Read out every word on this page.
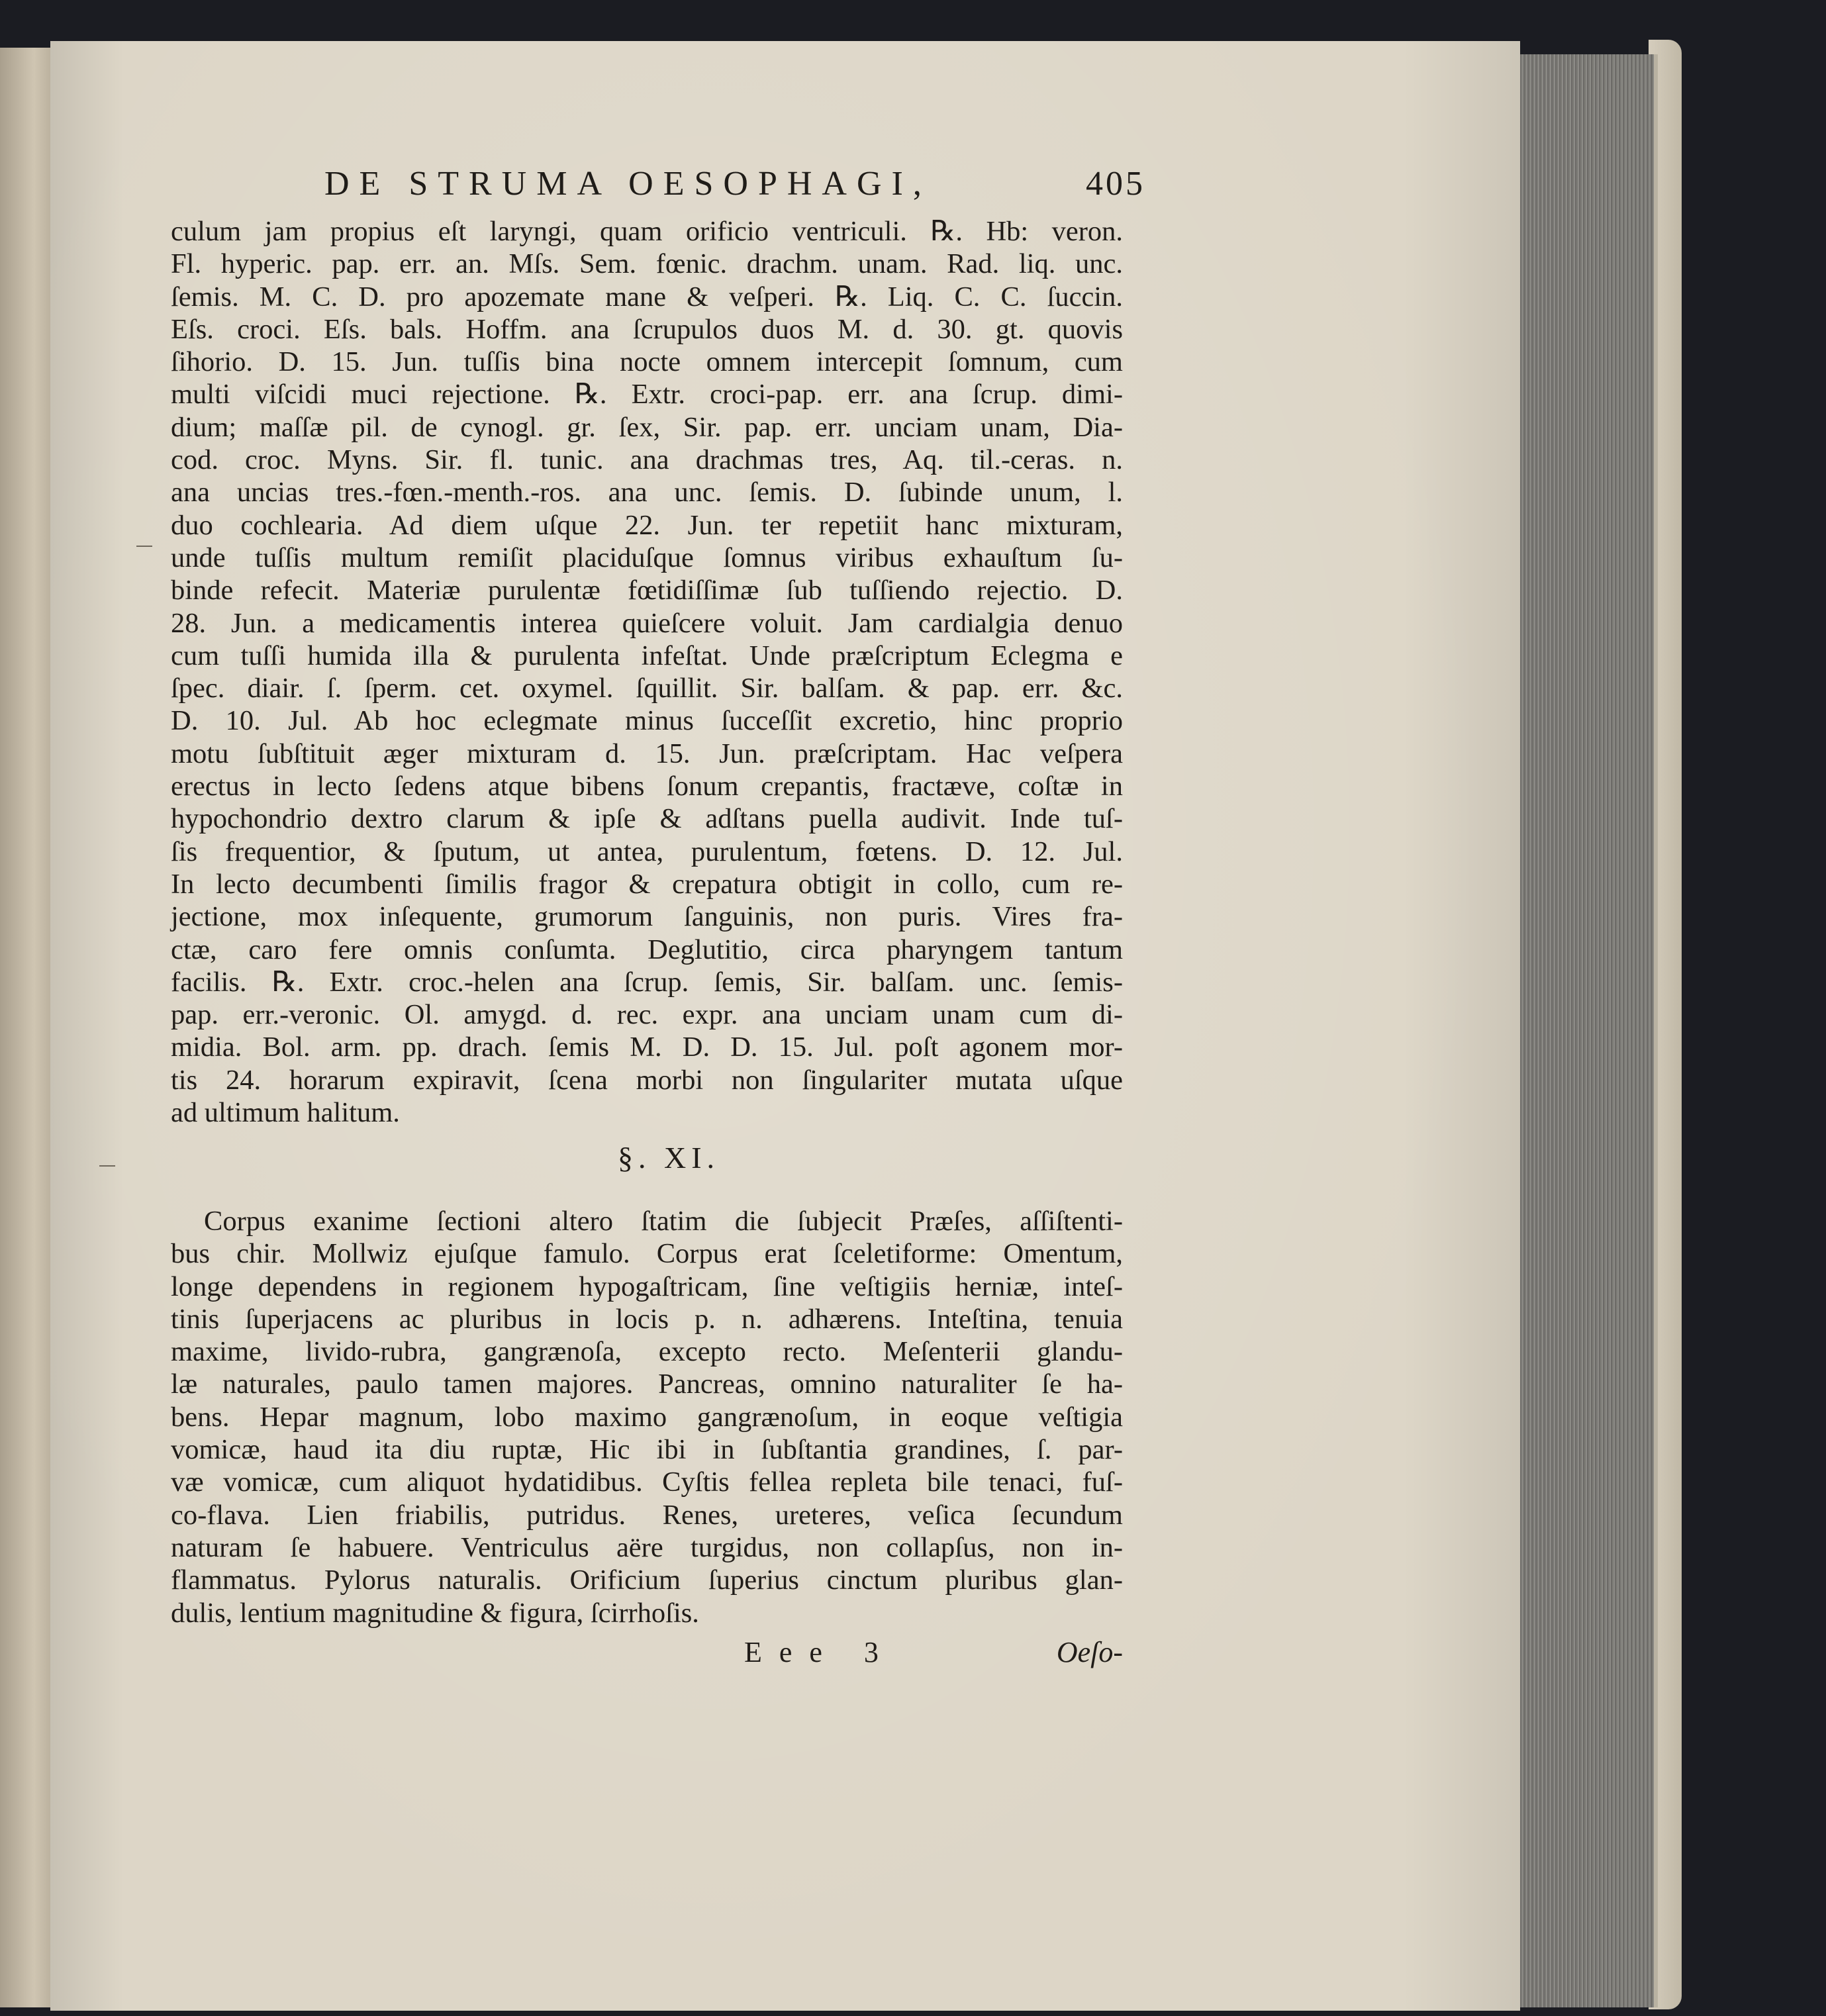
DE STRUMA OESOPHAGI,	405
culum jam propius eſt laryngi, quam orificio ventriculi. ℞. Hb: veron.
Fl. hyperic. pap. err. an. Mſs. Sem. fœnic. drachm. unam. Rad. liq. unc.
ſemis. M. C. D. pro apozemate mane & veſperi. ℞. Liq. C. C. ſuccin.
Eſs. croci. Eſs. bals. Hoffm. ana ſcrupulos duos M. d. 30. gt. quovis
ſihorio. D. 15. Jun. tuſſis bina nocte omnem intercepit ſomnum, cum
multi viſcidi muci rejectione. ℞. Extr. croci-pap. err. ana ſcrup. dimi-
dium; maſſæ pil. de cynogl. gr. ſex, Sir. pap. err. unciam unam, Dia-
cod. croc. Myns. Sir. fl. tunic. ana drachmas tres, Aq. til.-ceras. n.
ana uncias tres.-fœn.-menth.-ros. ana unc. ſemis. D. ſubinde unum, l.
duo cochlearia. Ad diem uſque 22. Jun. ter repetiit hanc mixturam,
unde tuſſis multum remiſit placiduſque ſomnus viribus exhauſtum ſu-
binde refecit. Materiæ purulentæ fœtidiſſimæ ſub tuſſiendo rejectio. D.
28. Jun. a medicamentis interea quieſcere voluit. Jam cardialgia denuo
cum tuſſi humida illa & purulenta infeſtat. Unde præſcriptum Eclegma e
ſpec. diair. ſ. ſperm. cet. oxymel. ſquillit. Sir. balſam. & pap. err. &c.
D. 10. Jul. Ab hoc eclegmate minus ſucceſſit excretio, hinc proprio
motu ſubſtituit æger mixturam d. 15. Jun. præſcriptam. Hac veſpera
erectus in lecto ſedens atque bibens ſonum crepantis, fractæve, coſtæ in
hypochondrio dextro clarum & ipſe & adſtans puella audivit. Inde tuſ-
ſis frequentior, & ſputum, ut antea, purulentum, fœtens. D. 12. Jul.
In lecto decumbenti ſimilis fragor & crepatura obtigit in collo, cum re-
jectione, mox inſequente, grumorum ſanguinis, non puris. Vires fra-
ctæ, caro fere omnis conſumta. Deglutitio, circa pharyngem tantum
facilis. ℞. Extr. croc.-helen ana ſcrup. ſemis, Sir. balſam. unc. ſemis-
pap. err.-veronic. Ol. amygd. d. rec. expr. ana unciam unam cum di-
midia. Bol. arm. pp. drach. ſemis M. D. D. 15. Jul. poſt agonem mor-
tis 24. horarum expiravit, ſcena morbi non ſingulariter mutata uſque
ad ultimum halitum.
§. XI.
Corpus exanime ſectioni altero ſtatim die ſubjecit Præſes, aſſiſtenti-
bus chir. Mollwiz ejuſque famulo. Corpus erat ſceletiforme: Omentum,
longe dependens in regionem hypogaſtricam, ſine veſtigiis herniæ, inteſ-
tinis ſuperjacens ac pluribus in locis p. n. adhærens. Inteſtina, tenuia
maxime, livido-rubra, gangrænoſa, excepto recto. Meſenterii glandu-
læ naturales, paulo tamen majores. Pancreas, omnino naturaliter ſe ha-
bens. Hepar magnum, lobo maximo gangrænoſum, in eoque veſtigia
vomicæ, haud ita diu ruptæ, Hic ibi in ſubſtantia grandines, ſ. par-
væ vomicæ, cum aliquot hydatidibus. Cyſtis fellea repleta bile tenaci, fuſ-
co-flava. Lien friabilis, putridus. Renes, ureteres, veſica ſecundum
naturam ſe habuere. Ventriculus aëre turgidus, non collapſus, non in-
flammatus. Pylorus naturalis. Orificium ſuperius cinctum pluribus glan-
dulis, lentium magnitudine & figura, ſcirrhoſis.
Eee 3	Oeſo-
